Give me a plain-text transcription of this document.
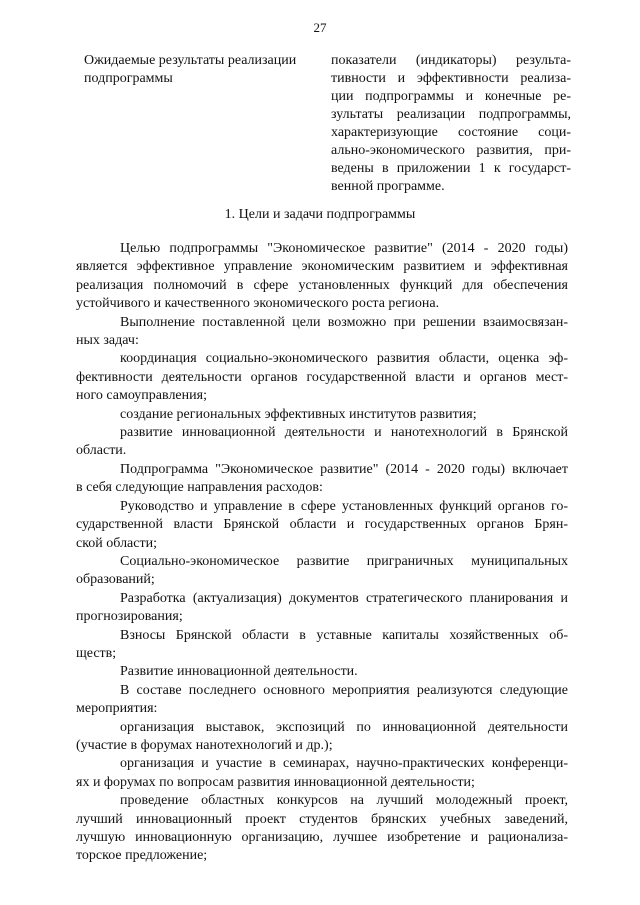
27
Ожидаемые результаты реализации
подпрограммы
показатели (индикаторы) результа-
тивности и эффективности реализа-
ции подпрограммы и конечные ре-
зультаты реализации подпрограммы,
характеризующие состояние соци-
ально-экономического развития, при-
ведены в приложении 1 к государст-
венной программе.
1. Цели и задачи подпрограммы
Целью подпрограммы "Экономическое развитие" (2014 - 2020 годы)
является эффективное управление экономическим развитием и эффективная
реализация полномочий в сфере установленных функций для обеспечения
устойчивого и качественного экономического роста региона.
Выполнение поставленной цели возможно при решении взаимосвязан-
ных задач:
координация социально-экономического развития области, оценка эф-
фективности деятельности органов государственной власти и органов мест-
ного самоуправления;
создание региональных эффективных институтов развития;
развитие инновационной деятельности и нанотехнологий в Брянской
области.
Подпрограмма "Экономическое развитие" (2014 - 2020 годы) включает
в себя следующие направления расходов:
Руководство и управление в сфере установленных функций органов го-
сударственной власти Брянской области и государственных органов Брян-
ской области;
Социально-экономическое развитие приграничных муниципальных
образований;
Разработка (актуализация) документов стратегического планирования и
прогнозирования;
Взносы Брянской области в уставные капиталы хозяйственных об-
ществ;
Развитие инновационной деятельности.
В составе последнего основного мероприятия реализуются следующие
мероприятия:
организация выставок, экспозиций по инновационной деятельности
(участие в форумах нанотехнологий и др.);
организация и участие в семинарах, научно-практических конференци-
ях и форумах по вопросам развития инновационной деятельности;
проведение областных конкурсов на лучший молодежный проект,
лучший инновационный проект студентов брянских учебных заведений,
лучшую инновационную организацию, лучшее изобретение и рационализа-
торское предложение;
